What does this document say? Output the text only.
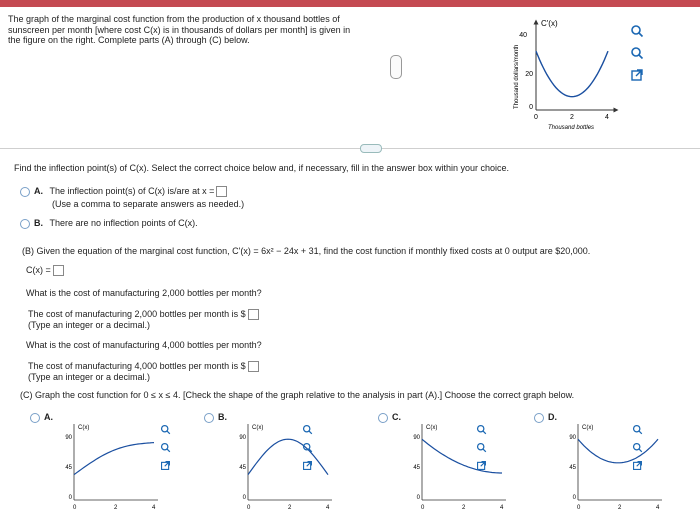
The graph of the marginal cost function from the production of x thousand bottles of
sunscreen per month [where cost C(x) is in thousands of dollars per month] is given in
the figure on the right. Complete parts (A) through (C) below.
C'(x)
40
20
0
0	2	4
Thousand bottles
Thousand dollars/month
Find the inflection point(s) of C(x). Select the correct choice below and, if necessary, fill in the answer box within your choice.
A. The inflection point(s) of C(x) is/are at x =
(Use a comma to separate answers as needed.)
B. There are no inflection points of C(x).
(B) Given the equation of the marginal cost function, C'(x) = 6x² − 24x + 31, find the cost function if monthly fixed costs at 0 output are $20,000.
C(x) =
What is the cost of manufacturing 2,000 bottles per month?
The cost of manufacturing 2,000 bottles per month is $
(Type an integer or a decimal.)
What is the cost of manufacturing 4,000 bottles per month?
The cost of manufacturing 4,000 bottles per month is $
(Type an integer or a decimal.)
(C) Graph the cost function for 0 ≤ x ≤ 4. [Check the shape of the graph relative to the analysis in part (A).] Choose the correct graph below.
A.
C(x)
90
45
0
0	2	4
B.
C(x)
90
45
0
0	2	4
C.
C(x)
90
45
0
0	2	4
D.
C(x)
90
45
0
0	2	4
